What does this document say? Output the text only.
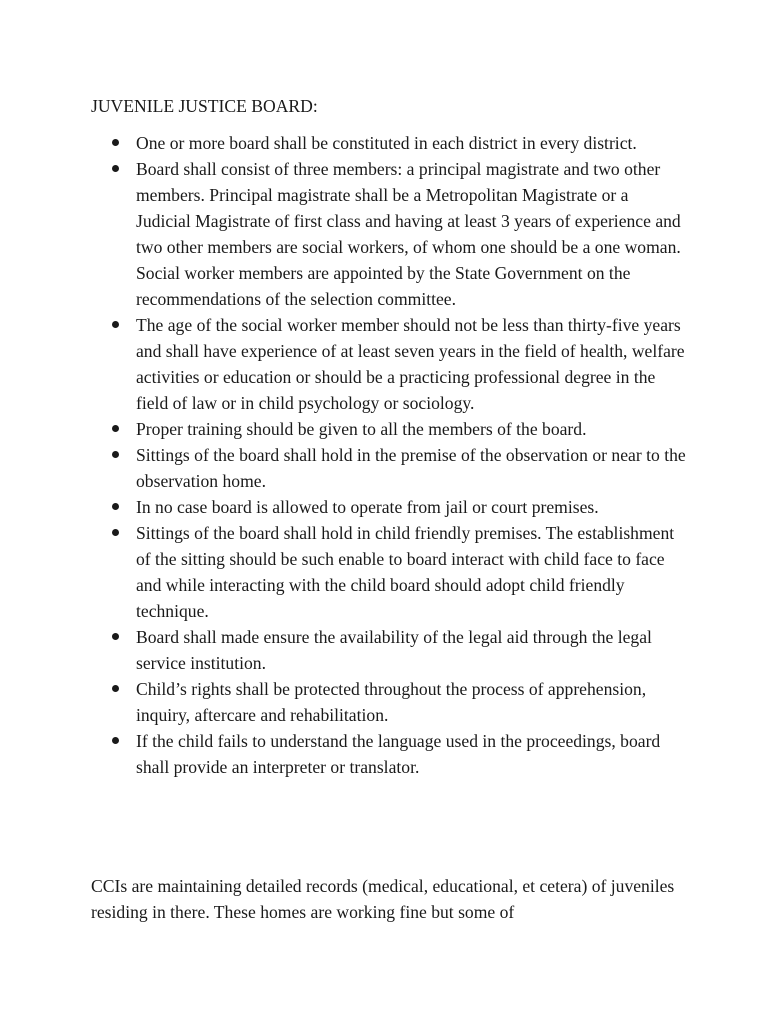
JUVENILE JUSTICE BOARD:
One or more board shall be constituted in each district in every district.
Board shall consist of three members: a principal magistrate and two other members. Principal magistrate shall be a Metropolitan Magistrate or a Judicial Magistrate of first class and having at least 3 years of experience and two other members are social workers, of whom one should be a one woman. Social worker members are appointed by the State Government on the recommendations of the selection committee.
The age of the social worker member should not be less than thirty-five years and shall have experience of at least seven years in the field of health, welfare activities or education or should be a practicing professional degree in the field of law or in child psychology or sociology.
Proper training should be given to all the members of the board.
Sittings of the board shall hold in the premise of the observation or near to the observation home.
In no case board is allowed to operate from jail or court premises.
Sittings of the board shall hold in child friendly premises. The establishment of the sitting should be such enable to board interact with child face to face and while interacting with the child board should adopt child friendly technique.
Board shall made ensure the availability of the legal aid through the legal service institution.
Child’s rights shall be protected throughout the process of apprehension, inquiry, aftercare and rehabilitation.
If the child fails to understand the language used in the proceedings, board shall provide an interpreter or translator.

CCIs are maintaining detailed records (medical, educational, et cetera) of juveniles residing in there. These homes are working fine but some of
